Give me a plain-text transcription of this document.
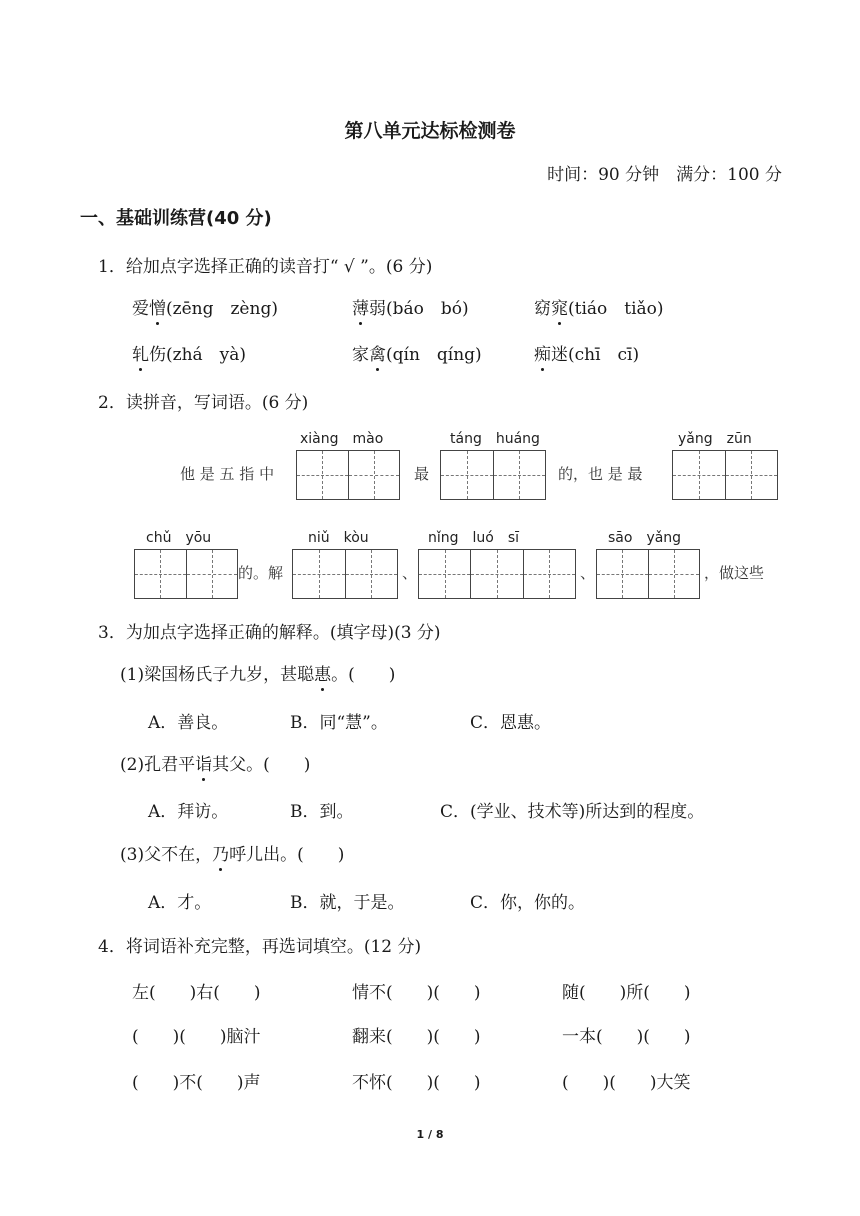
第八单元达标检测卷
时间：90 分钟　满分：100 分
一、基础训练营(40 分)
1．给加点字选择正确的读音打“ √ ”。(6 分)
爱憎(zēng　zèng)	薄弱(báo　bó)	窈窕(tiáo　tiǎo)
轧伤(zhá　yà)	家禽(qín　qíng)	痴迷(chī　cī)
2．读拼音，写词语。(6 分)
xiàng　mào	táng　huáng	yǎng　zūn
他 是 五 指 中	最	的，也 是 最
chǔ　yōu	niǔ　kòu	nǐng　luó　sī	sāo　yǎng
的。解	、	、	，做这些
3．为加点字选择正确的解释。(填字母)(3 分)
(1)梁国杨氏子九岁，甚聪惠。(　　)
A．善良。	B．同“慧”。	C．恩惠。
(2)孔君平诣其父。(　　)
A．拜访。	B．到。	C．(学业、技术等)所达到的程度。
(3)父不在，乃呼儿出。(　　)
A．才。	B．就，于是。	C．你，你的。
4．将词语补充完整，再选词填空。(12 分)
左(　　)右(　　)	情不(　　)(　　)	随(　　)所(　　)
(　　)(　　)脑汁	翻来(　　)(　　)	一本(　　)(　　)
(　　)不(　　)声	不怀(　　)(　　)	(　　)(　　)大笑
1 / 8
